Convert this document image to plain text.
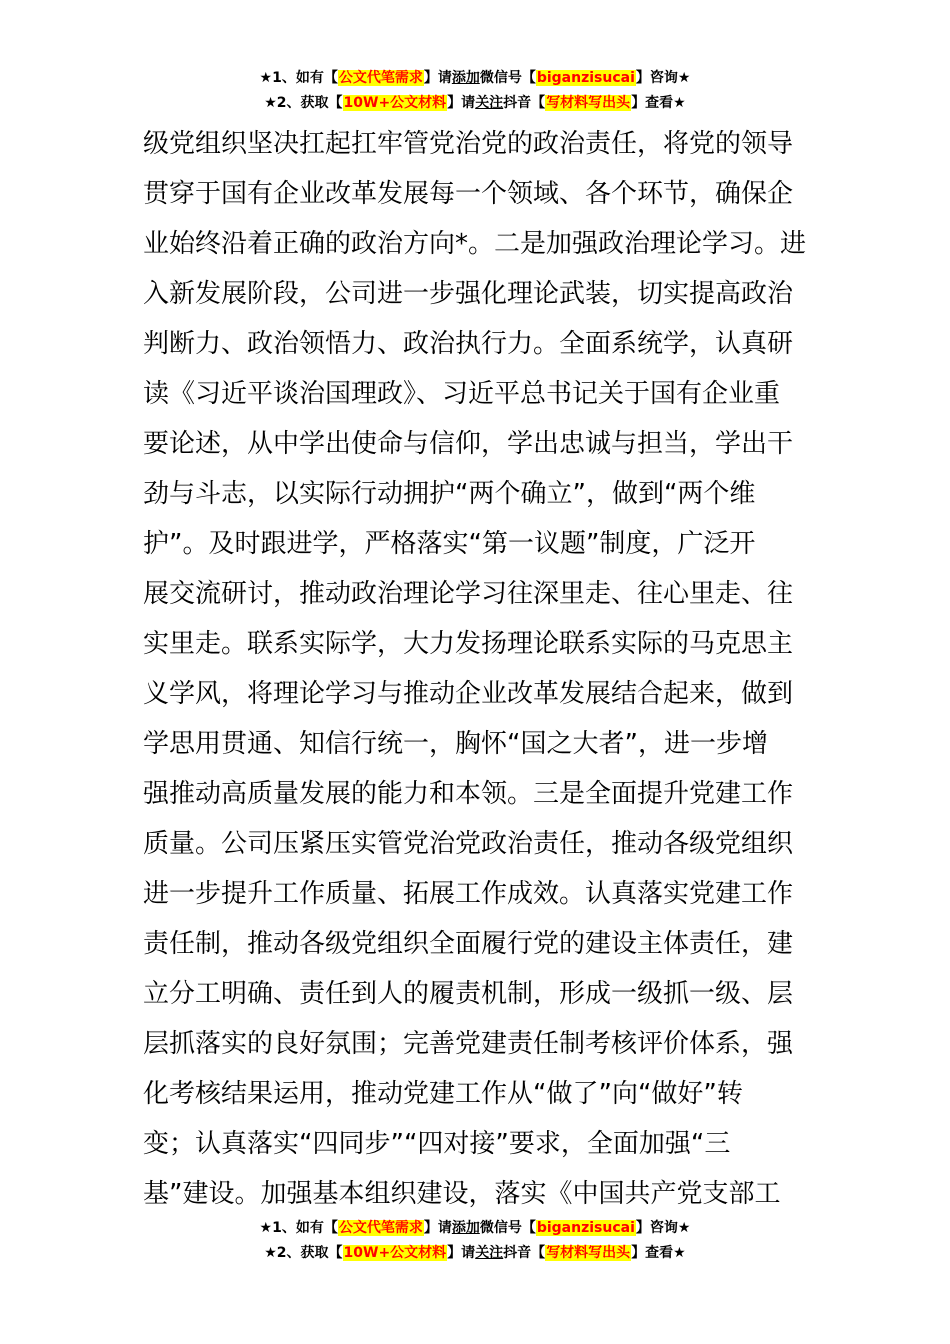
★1、如有【公文代笔需求】请添加微信号【biganzisucai】咨询★
★2、获取【10W+公文材料】请关注抖音【写材料写出头】查看★
级党组织坚决扛起扛牢管党治党的政治责任，将党的领导
贯穿于国有企业改革发展每一个领域、各个环节，确保企
业始终沿着正确的政治方向*。二是加强政治理论学习。进
入新发展阶段，公司进一步强化理论武装，切实提高政治
判断力、政治领悟力、政治执行力。全面系统学，认真研
读《习近平谈治国理政》、习近平总书记关于国有企业重
要论述，从中学出使命与信仰，学出忠诚与担当，学出干
劲与斗志，以实际行动拥护“两个确立”，做到“两个维
护”。及时跟进学，严格落实“第一议题”制度，广泛开
展交流研讨，推动政治理论学习往深里走、往心里走、往
实里走。联系实际学，大力发扬理论联系实际的马克思主
义学风，将理论学习与推动企业改革发展结合起来，做到
学思用贯通、知信行统一，胸怀“国之大者”，进一步增
强推动高质量发展的能力和本领。三是全面提升党建工作
质量。公司压紧压实管党治党政治责任，推动各级党组织
进一步提升工作质量、拓展工作成效。认真落实党建工作
责任制，推动各级党组织全面履行党的建设主体责任，建
立分工明确、责任到人的履责机制，形成一级抓一级、层
层抓落实的良好氛围；完善党建责任制考核评价体系，强
化考核结果运用，推动党建工作从“做了”向“做好”转
变；认真落实“四同步”“四对接”要求，全面加强“三
基”建设。加强基本组织建设，落实《中国共产党支部工
★1、如有【公文代笔需求】请添加微信号【biganzisucai】咨询★
★2、获取【10W+公文材料】请关注抖音【写材料写出头】查看★
